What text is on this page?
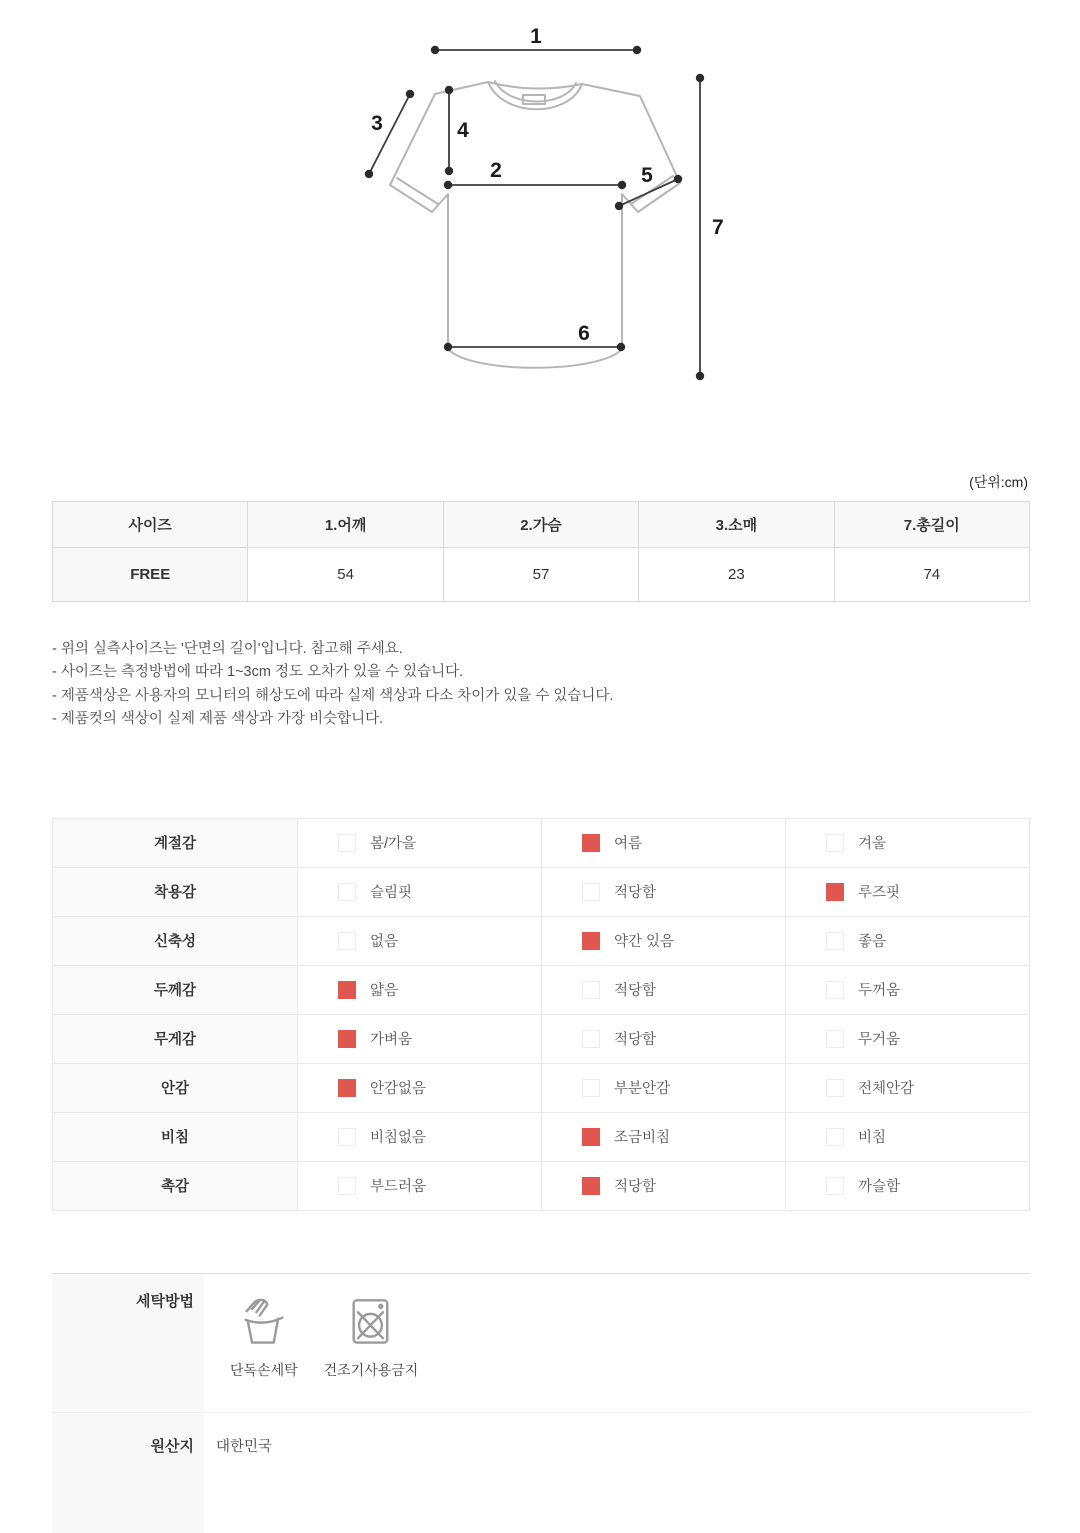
1
2
3	4
5
6
7
(단위:cm)
사이즈	1.어깨	2.가슴	3.소매	7.총길이
FREE	54	57	23	74
- 위의 실측사이즈는 '단면의 길이'입니다. 참고해 주세요.
- 사이즈는 측정방법에 따라 1~3cm 정도 오차가 있을 수 있습니다.
- 제품색상은 사용자의 모니터의 해상도에 따라 실제 색상과 다소 차이가 있을 수 있습니다.
- 제품컷의 색상이 실제 제품 색상과 가장 비슷합니다.
계절감	봄/가을	여름	겨울

착용감	슬림핏	적당함	루즈핏

신축성	없음	약간 있음	좋음

두께감	얇음	적당함	두꺼움

무게감	가벼움	적당함	무거움

안감	안감없음	부분안감	전체안감

비침	비침없음	조금비침	비침

촉감	부드러움	적당함	까슬함
세탁방법
단독손세탁 건조기사용금지
원산지	대한민국
